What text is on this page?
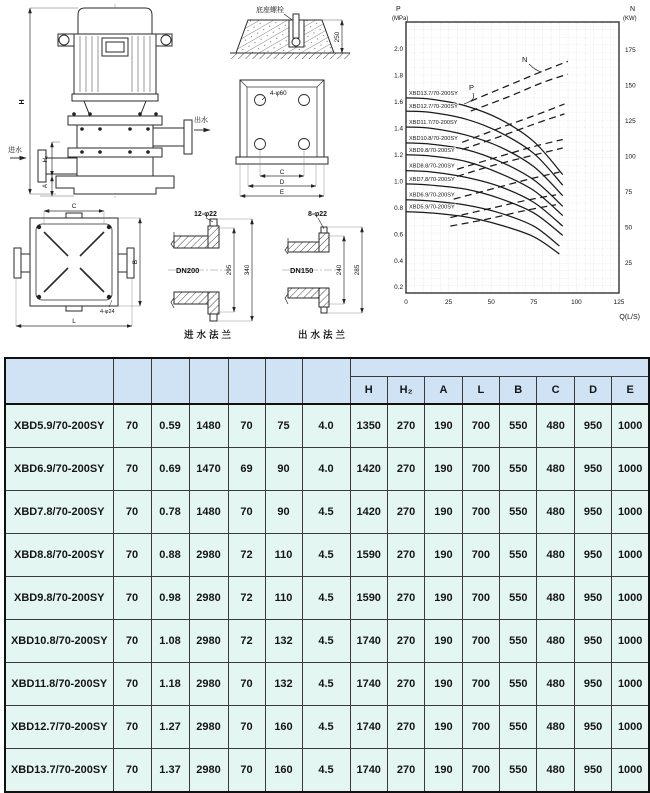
H
H₂
A
进水
出水
底座螺栓
250
4-φ60
C
D
E
C
B
L
4-φ24
DN200
12-φ22
295 340
进水法兰
DN150
8-φ22
240 285
出水法兰
2.0
1.8
1.6
1.4
1.2
1.0
0.8
0.6
0.4
0.2
175
150
125
100
75
50
25
0	25	50	75	100	125
XBD13.7/70-200SY
XBD12.7/70-200SY
XBD11.7/70-200SY
XBD10.8/70-200SY
XBD9.8/70-200SY
XBD8.8/70-200SY
XBD7.8/70-200SY
XBD6.9/70-200SY
XBD5.9/70-200SY
P
(MPa)
N
(KW)
Q(L/S)
N
P

							H	H₂	A	L	B	C	D	E
XBD5.9/70-200SY	70	0.59	1480	70	75	4.0	1350	270	190	700	550	480	950	1000
XBD6.9/70-200SY	70	0.69	1470	69	90	4.0	1420	270	190	700	550	480	950	1000
XBD7.8/70-200SY	70	0.78	1480	70	90	4.5	1420	270	190	700	550	480	950	1000
XBD8.8/70-200SY	70	0.88	2980	72	110	4.5	1590	270	190	700	550	480	950	1000
XBD9.8/70-200SY	70	0.98	2980	72	110	4.5	1590	270	190	700	550	480	950	1000
XBD10.8/70-200SY	70	1.08	2980	72	132	4.5	1740	270	190	700	550	480	950	1000
XBD11.8/70-200SY	70	1.18	2980	70	132	4.5	1740	270	190	700	550	480	950	1000
XBD12.7/70-200SY	70	1.27	2980	70	160	4.5	1740	270	190	700	550	480	950	1000
XBD13.7/70-200SY	70	1.37	2980	70	160	4.5	1740	270	190	700	550	480	950	1000
